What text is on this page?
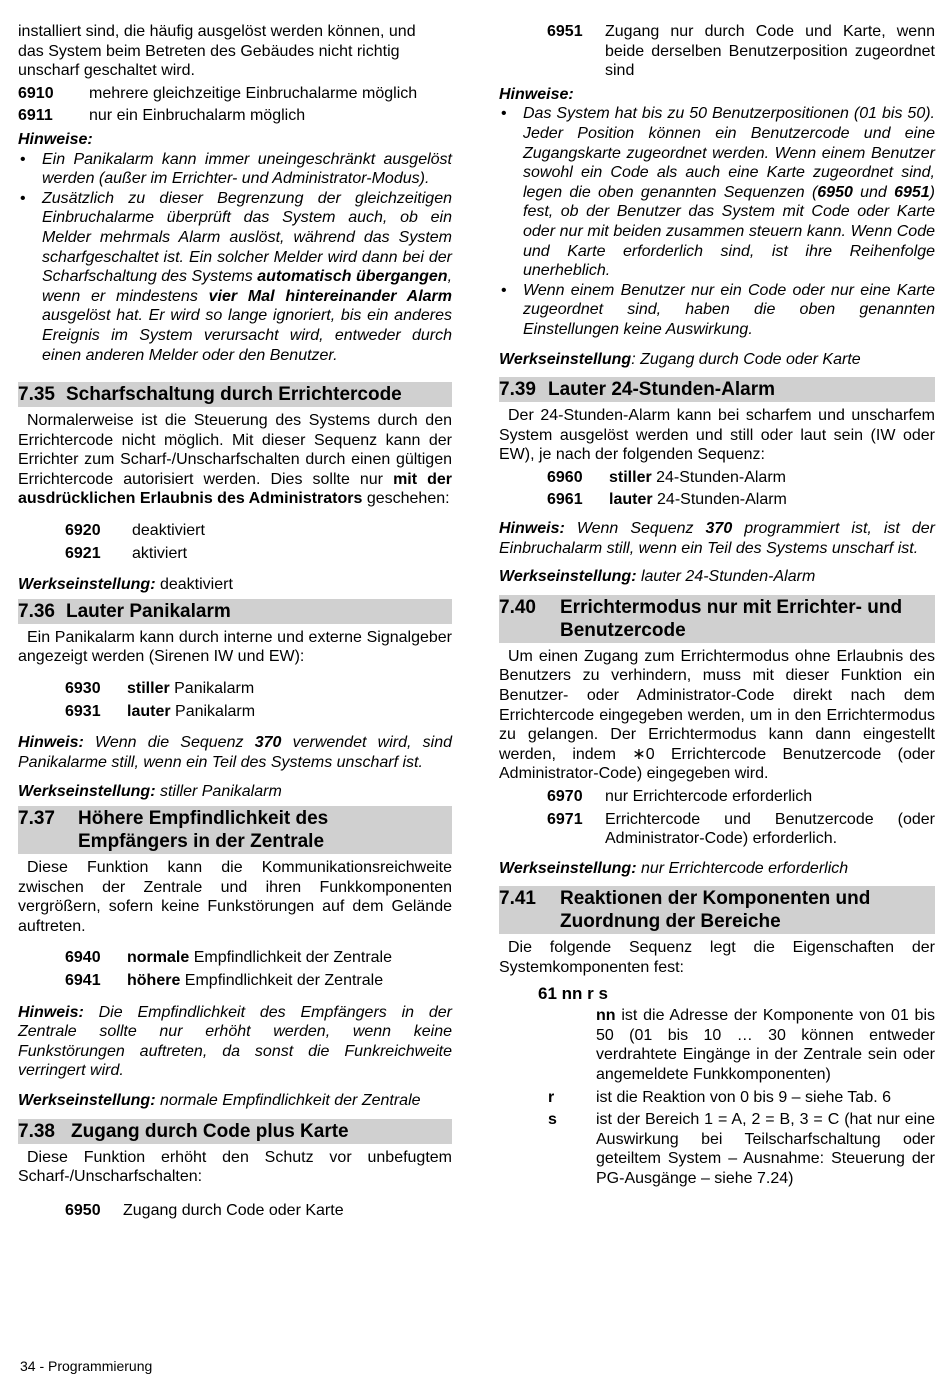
installiert sind, die häufig ausgelöst werden können, und

das System beim Betreten des Gebäudes nicht richtig

unscharf geschaltet wird.

6910	mehrere gleichzeitige Einbruchalarme möglich
6911	nur ein Einbruchalarm möglich

Hinweise:

• Ein Panikalarm kann immer uneingeschränkt ausgelöst werden (außer im Errichter- und Administrator-Modus).
• Zusätzlich zu dieser Begrenzung der gleichzeitigen Einbruchalarme überprüft das System auch, ob ein Melder mehrmals Alarm auslöst, während das System scharfgeschaltet ist. Ein solcher Melder wird dann bei der Scharfschaltung des Systems automatisch übergangen, wenn er mindestens vier Mal hintereinander Alarm ausgelöst hat. Er wird so lange ignoriert, bis ein anderes Ereignis im System verursacht wird, entweder durch einen anderen Melder oder den Benutzer.
7.35 Scharfschaltung durch Errichtercode

Normalerweise ist die Steuerung des Systems durch den Errichtercode nicht möglich. Mit dieser Sequenz kann der Errichter zum Scharf-/Unscharfschalten durch einen gültigen Errichtercode autorisiert werden. Dies sollte nur mit der ausdrücklichen Erlaubnis des Administrators geschehen:

6920	deaktiviert
6921	aktiviert

Werkseinstellung: deaktiviert

7.36 Lauter Panikalarm

Ein Panikalarm kann durch interne und externe Signalgeber angezeigt werden (Sirenen IW und EW):

6930	stiller Panikalarm
6931	lauter Panikalarm

Hinweis: Wenn die Sequenz 370 verwendet wird, sind Panikalarme still, wenn ein Teil des Systems unscharf ist.

Werkseinstellung: stiller Panikalarm

7.37	Höhere Empfindlichkeit des
Empfängers in der Zentrale

Diese Funktion kann die Kommunikationsreichweite zwischen der Zentrale und ihren Funkkomponenten vergrößern, sofern keine Funkstörungen auf dem Gelände auftreten.

6940	normale Empfindlichkeit der Zentrale
6941	höhere Empfindlichkeit der Zentrale

Hinweis: Die Empfindlichkeit des Empfängers in der Zentrale sollte nur erhöht werden, wenn keine Funkstörungen auftreten, da sonst die Funkreichweite verringert wird.

Werkseinstellung: normale Empfindlichkeit der Zentrale

7.38 Zugang durch Code plus Karte

Diese Funktion erhöht den Schutz vor unbefugtem Scharf-/Unscharfschalten:

6950	Zugang durch Code oder Karte
6951	Zugang nur durch Code und Karte, wenn beide derselben Benutzerposition zugeordnet sind

Hinweise:

• Das System hat bis zu 50 Benutzerpositionen (01 bis 50). Jeder Position können ein Benutzercode und eine Zugangskarte zugeordnet werden. Wenn einem Benutzer sowohl ein Code als auch eine Karte zugeordnet sind, legen die oben genannten Sequenzen (6950 und 6951) fest, ob der Benutzer das System mit Code oder Karte oder nur mit beiden zusammen steuern kann. Wenn Code und Karte erforderlich sind, ist ihre Reihenfolge unerheblich.
• Wenn einem Benutzer nur ein Code oder nur eine Karte zugeordnet sind, haben die oben genannten Einstellungen keine Auswirkung.

Werkseinstellung: Zugang durch Code oder Karte

7.39 Lauter 24-Stunden-Alarm

Der 24-Stunden-Alarm kann bei scharfem und unscharfem System ausgelöst werden und still oder laut sein (IW oder EW), je nach der folgenden Sequenz:

6960	stiller 24-Stunden-Alarm
6961	lauter 24-Stunden-Alarm

Hinweis: Wenn Sequenz 370 programmiert ist, ist der Einbruchalarm still, wenn ein Teil des Systems unscharf ist.

Werkseinstellung: lauter 24-Stunden-Alarm

7.40	Errichtermodus nur mit Errichter- und
Benutzercode

Um einen Zugang zum Errichtermodus ohne Erlaubnis des Benutzers zu verhindern, muss mit dieser Funktion ein Benutzer- oder Administrator-Code direkt nach dem Errichtercode eingegeben werden, um in den Errichtermodus zu gelangen. Der Errichtermodus kann dann eingestellt werden, indem ∗0 Errichtercode Benutzercode (oder Administrator-Code) eingegeben wird.

6970	nur Errichtercode erforderlich
6971	Errichtercode und Benutzercode (oder Administrator-Code) erforderlich.

Werkseinstellung: nur Errichtercode erforderlich

7.41	Reaktionen der Komponenten und
Zuordnung der Bereiche

Die folgende Sequenz legt die Eigenschaften der Systemkomponenten fest:

61 nn r s

nn ist die Adresse der Komponente von 01 bis 50 (01 bis 10 … 30 können entweder verdrahtete Eingänge in der Zentrale sein oder angemeldete Funkkomponenten)
r	ist die Reaktion von 0 bis 9 – siehe Tab. 6
s	ist der Bereich 1 = A, 2 = B, 3 = C (hat nur eine Auswirkung bei Teilscharfschaltung oder geteiltem System – Ausnahme: Steuerung der PG-Ausgänge – siehe 7.24)
34 - Programmierung
